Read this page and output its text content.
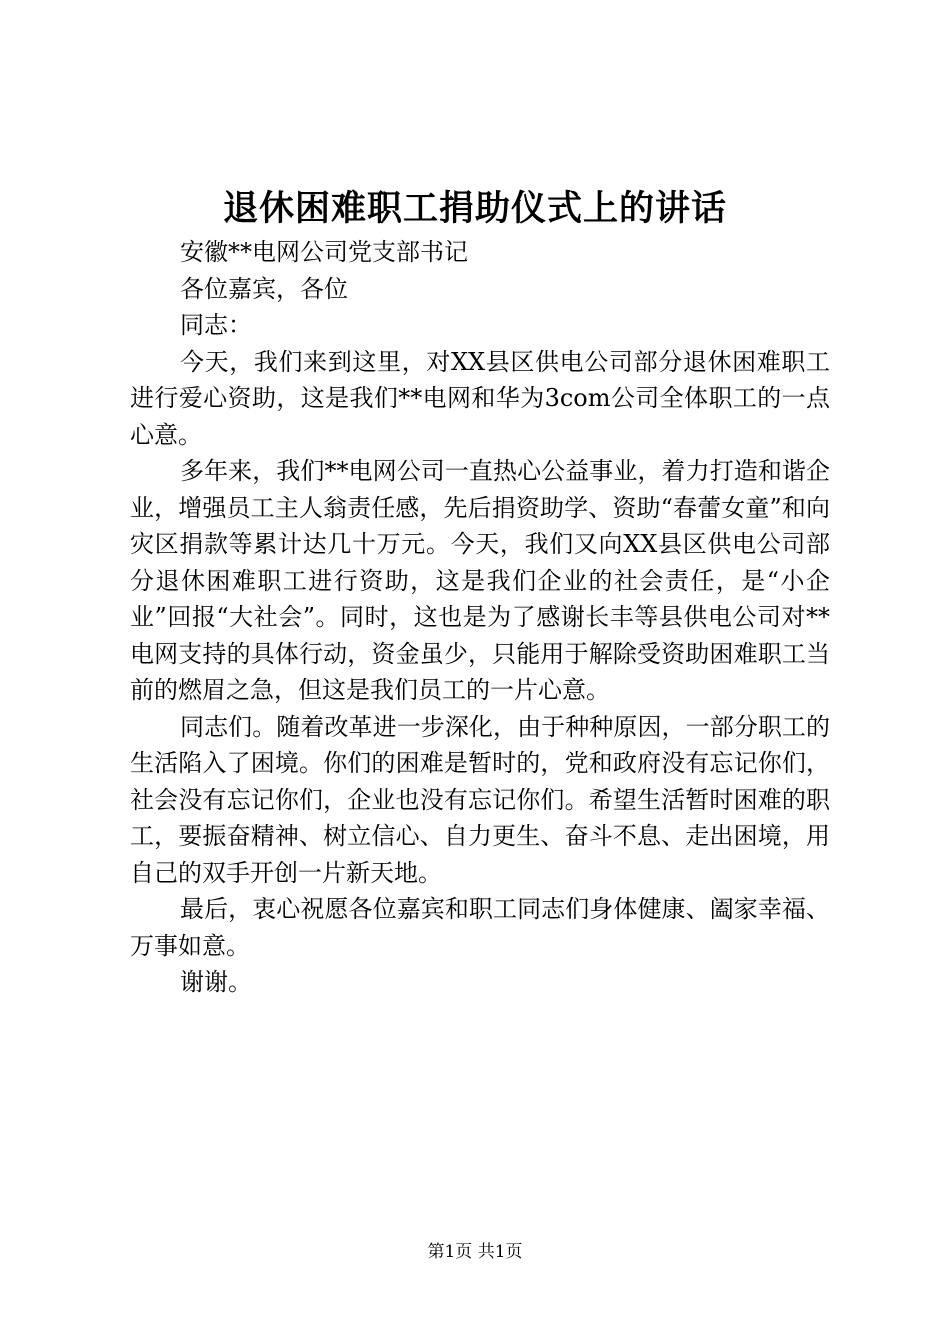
退休困难职工捐助仪式上的讲话

安徽**电网公司党支部书记

各位嘉宾，各位

同志：

今天，我们来到这里，对XX县区供电公司部分退休困难职工进行爱心资助，这是我们**电网和华为3com公司全体职工的一点心意。

多年来，我们**电网公司一直热心公益事业，着力打造和谐企业，增强员工主人翁责任感，先后捐资助学、资助“春蕾女童”和向灾区捐款等累计达几十万元。今天，我们又向XX县区供电公司部分退休困难职工进行资助，这是我们企业的社会责任，是“小企业”回报“大社会”。同时，这也是为了感谢长丰等县供电公司对**电网支持的具体行动，资金虽少，只能用于解除受资助困难职工当前的燃眉之急，但这是我们员工的一片心意。

同志们。随着改革进一步深化，由于种种原因，一部分职工的生活陷入了困境。你们的困难是暂时的，党和政府没有忘记你们，社会没有忘记你们，企业也没有忘记你们。希望生活暂时困难的职工，要振奋精神、树立信心、自力更生、奋斗不息、走出困境，用自己的双手开创一片新天地。

最后，衷心祝愿各位嘉宾和职工同志们身体健康、阖家幸福、万事如意。

谢谢。

第1页 共1页
